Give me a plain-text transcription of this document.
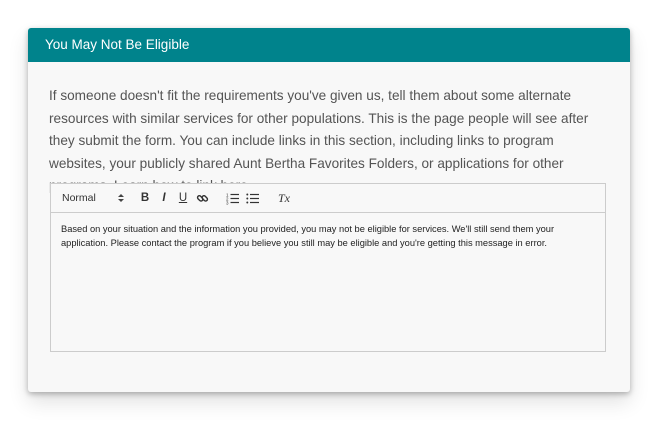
You May Not Be Eligible

If someone doesn't fit the requirements you've given us, tell them about some alternate resources with similar services for other populations. This is the page people will see after they submit the form. You can include links in this section, including links to program websites, your publicly shared Aunt Bertha Favorites Folders, or applications for other

Normal	B I U	1
2
3	Tx
Based on your situation and the information you provided, you may not be eligible for services. We'll still send them your application. Please contact the program if you believe you still may be eligible and you're getting this message in error.
